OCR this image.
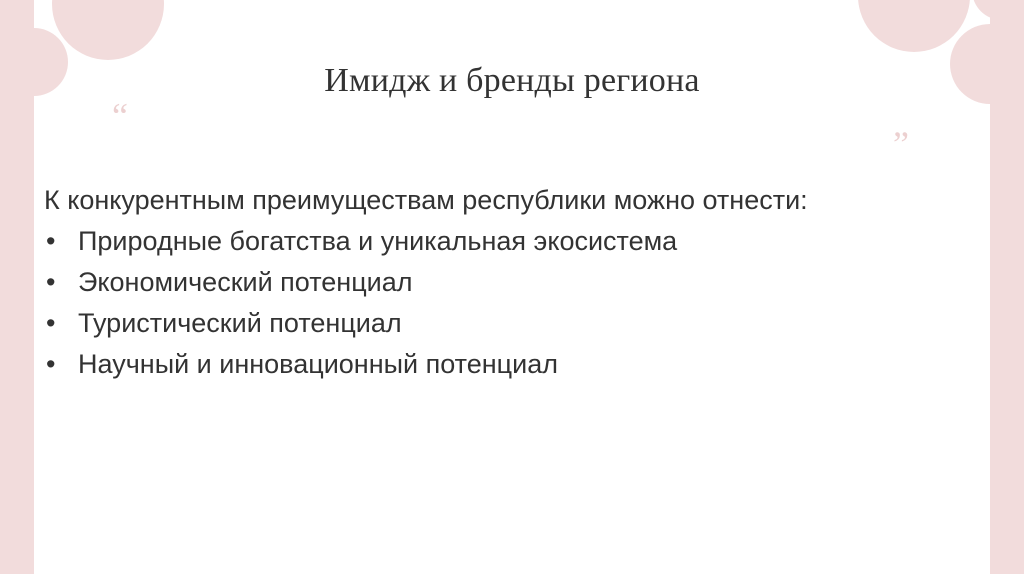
“
”
Имидж и бренды региона

К конкурентным преимуществам республики можно отнести:

• Природные богатства и уникальная экосистема
• Экономический потенциал
• Туристический потенциал
• Научный и инновационный потенциал
